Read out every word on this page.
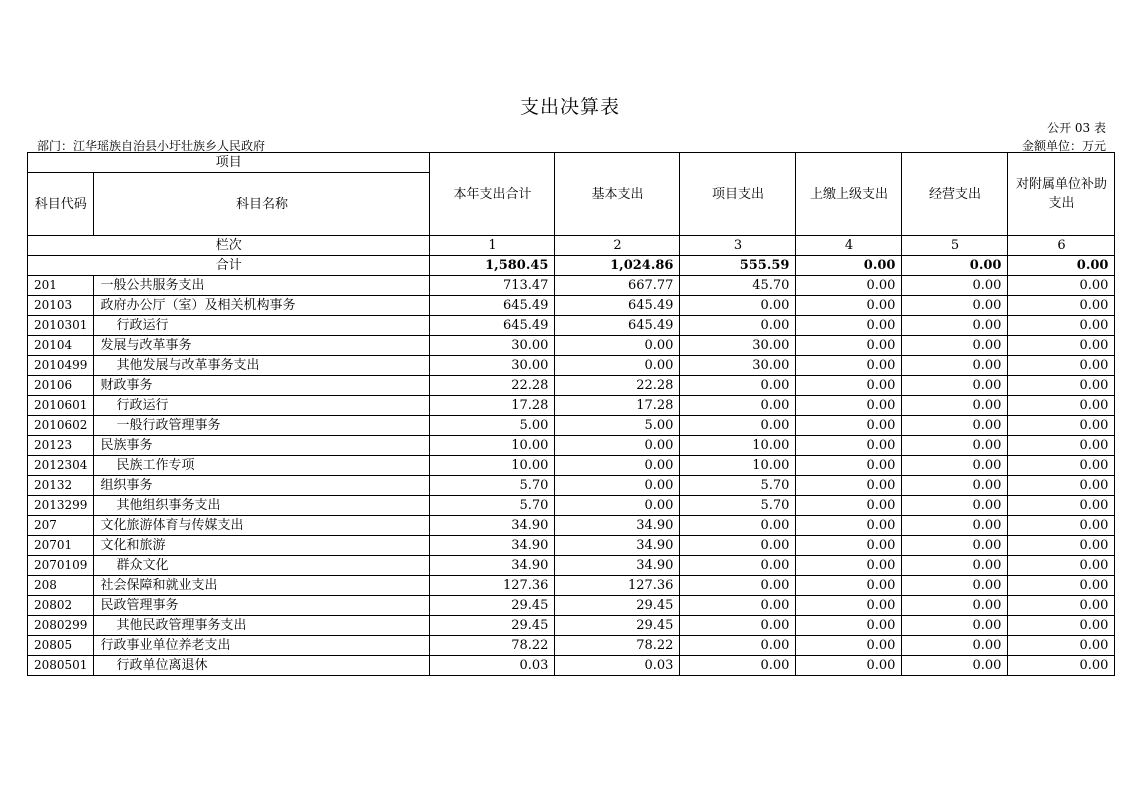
支出决算表
公开 03 表
部门：江华瑶族自治县小圩壮族乡人民政府	金额单位：万元
项目		本年支出合计	基本支出	项目支出	上缴上级支出	经营支出	对附属单位补助支出
科目代码	科目名称						
栏次		1	2	3	4	5	6
合计		1,580.45	1,024.86	555.59	0.00	0.00	0.00
201	一般公共服务支出	713.47	667.77	45.70	0.00	0.00	0.00
20103	政府办公厅（室）及相关机构事务	645.49	645.49	0.00	0.00	0.00	0.00
2010301	行政运行	645.49	645.49	0.00	0.00	0.00	0.00
20104	发展与改革事务	30.00	0.00	30.00	0.00	0.00	0.00
2010499	其他发展与改革事务支出	30.00	0.00	30.00	0.00	0.00	0.00
20106	财政事务	22.28	22.28	0.00	0.00	0.00	0.00
2010601	行政运行	17.28	17.28	0.00	0.00	0.00	0.00
2010602	一般行政管理事务	5.00	5.00	0.00	0.00	0.00	0.00
20123	民族事务	10.00	0.00	10.00	0.00	0.00	0.00
2012304	民族工作专项	10.00	0.00	10.00	0.00	0.00	0.00
20132	组织事务	5.70	0.00	5.70	0.00	0.00	0.00
2013299	其他组织事务支出	5.70	0.00	5.70	0.00	0.00	0.00
207	文化旅游体育与传媒支出	34.90	34.90	0.00	0.00	0.00	0.00
20701	文化和旅游	34.90	34.90	0.00	0.00	0.00	0.00
2070109	群众文化	34.90	34.90	0.00	0.00	0.00	0.00
208	社会保障和就业支出	127.36	127.36	0.00	0.00	0.00	0.00
20802	民政管理事务	29.45	29.45	0.00	0.00	0.00	0.00
2080299	其他民政管理事务支出	29.45	29.45	0.00	0.00	0.00	0.00
20805	行政事业单位养老支出	78.22	78.22	0.00	0.00	0.00	0.00
2080501	行政单位离退休	0.03	0.03	0.00	0.00	0.00	0.00
